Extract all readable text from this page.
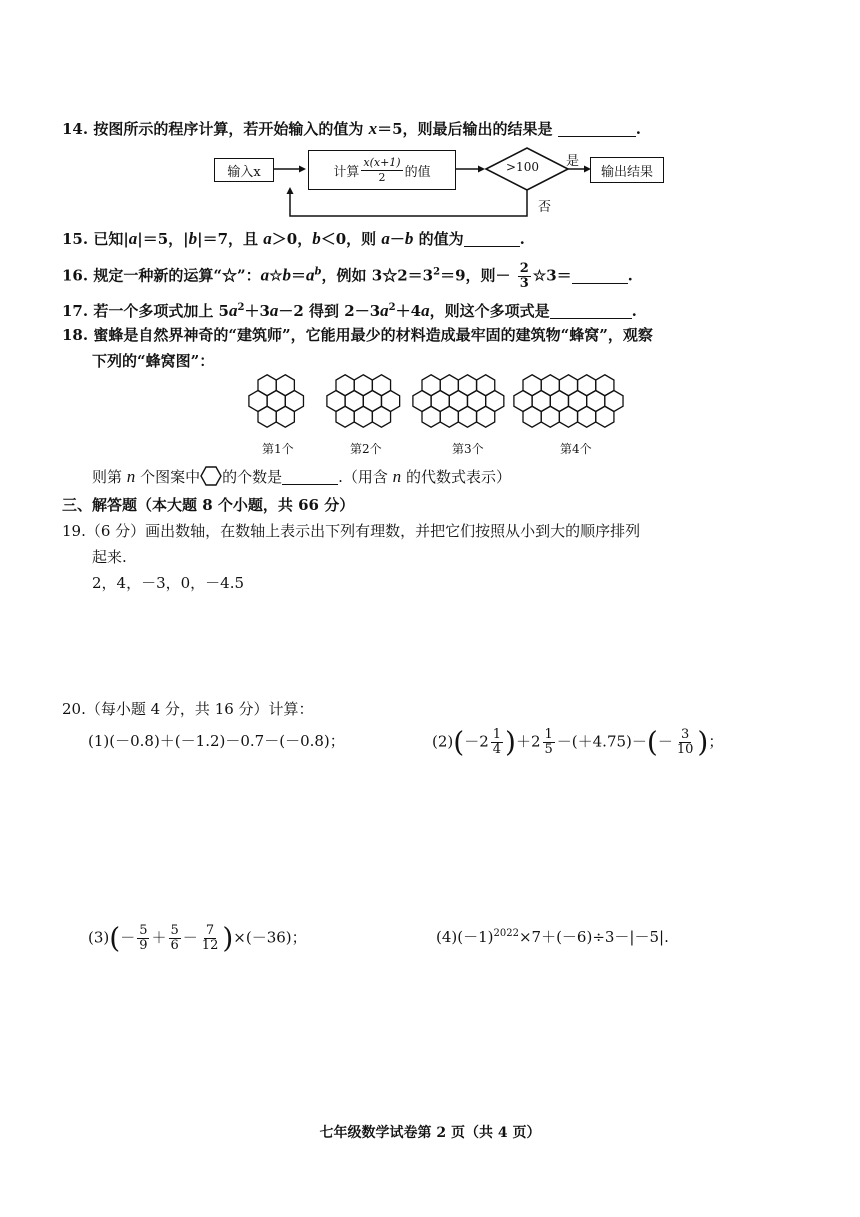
14. 按图所示的程序计算，若开始输入的值为 x＝5，则最后输出的结果是	.
输入x	计算 $\frac{x(x+1)}{2}$ 的值	>100 是
否
输出结果
15. 已知|a|＝5，|b|＝7，且 a＞0，b＜0，则 a－b 的值为	.
16. 规定一种新的运算“☆”：$a☆b=a^b$，例如 $3☆2=3^2=9$，则－ $\frac{2}{3}$ ☆3＝	.
17. 若一个多项式加上 $5a^2+3a-2$ 得到 $2-3a^2+4a$，则这个多项式是	.
18. 蜜蜂是自然界神奇的“建筑师”，它能用最少的材料造成最牢固的建筑物“蜂窝”，观察
下列的“蜂窝图”：
第1个	第2个	第3个	第4个
则第 n 个图案中 的个数是	.（用含 n 的代数式表示）
三、解答题（本大题 8 个小题，共 66 分）
19.（6 分）画出数轴，在数轴上表示出下列有理数，并把它们按照从小到大的顺序排列
起来.
2，4，－3，0，－4.5
20.（每小题 4 分，共 16 分）计算：
(1)(－0.8)＋(－1.2)－0.7－(－0.8)；	$(2)(-2 \frac{1}{4} )+2 \frac{1}{5} -(+4.75)-(- \frac{3}{10}$ )；
$(3)(- \frac{5}{9} + \frac{5}{6} - \frac{7}{12} )\times(-36)$；	$(4)(-1)^{2022}\times 7+(-6)\div 3-|-5|$.
七年级数学试卷第 2 页（共 4 页）
